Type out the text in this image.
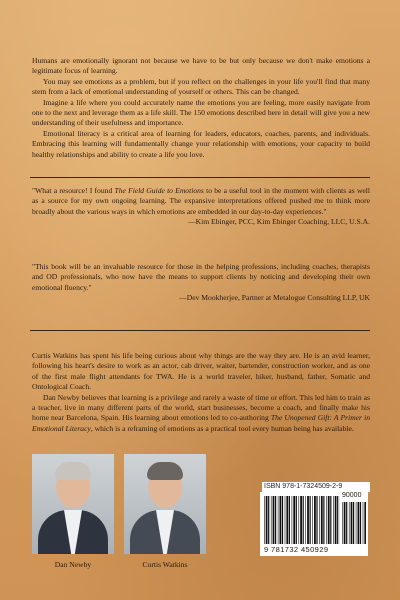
Humans are emotionally ignorant not because we have to be but only because we don't make emotions a legitimate focus of learning.

You may see emotions as a problem, but if you reflect on the challenges in your life you'll find that many stem from a lack of emotional understanding of yourself or others. This can be changed.

Imagine a life where you could accurately name the emotions you are feeling, more easily navigate from one to the next and leverage them as a life skill. The 150 emotions described here in detail will give you a new understanding of their usefulness and importance.

Emotional literacy is a critical area of learning for leaders, educators, coaches, parents, and individuals. Embracing this learning will fundamentally change your relationship with emotions, your capacity to build healthy relationships and ability to create a life you love.

"What a resource! I found The Field Guide to Emotions to be a useful tool in the moment with clients as well as a source for my own ongoing learning. The expansive interpretations offered pushed me to think more broadly about the various ways in which emotions are embedded in our day-to-day experiences."

—Kim Ebinger, PCC, Kim Ebinger Coaching, LLC, U.S.A.

"This book will be an invaluable resource for those in the helping professions, including coaches, therapists and OD professionals, who now have the means to support clients by noticing and developing their own emotional fluency."

—Dev Mookherjee, Partner at Metalogue Consulting LLP, UK

Curtis Watkins has spent his life being curious about why things are the way they are. He is an avid learner, following his heart's desire to work as an actor, cab driver, waiter, bartender, construction worker, and as one of the first male flight attendants for TWA. He is a world traveler, hiker, husband, father, Somatic and Ontological Coach.

Dan Newby believes that learning is a privilege and rarely a waste of time or effort. This led him to train as a teacher, live in many different parts of the world, start businesses, become a coach, and finally make his home near Barcelona, Spain. His learning about emotions led to co-authoring The Unopened Gift: A Primer in Emotional Literacy, which is a reframing of emotions as a practical tool every human being has available.

Dan Newby	Curtis Watkins
ISBN 978-1-7324509-2-9
90000
9 781732 450929
